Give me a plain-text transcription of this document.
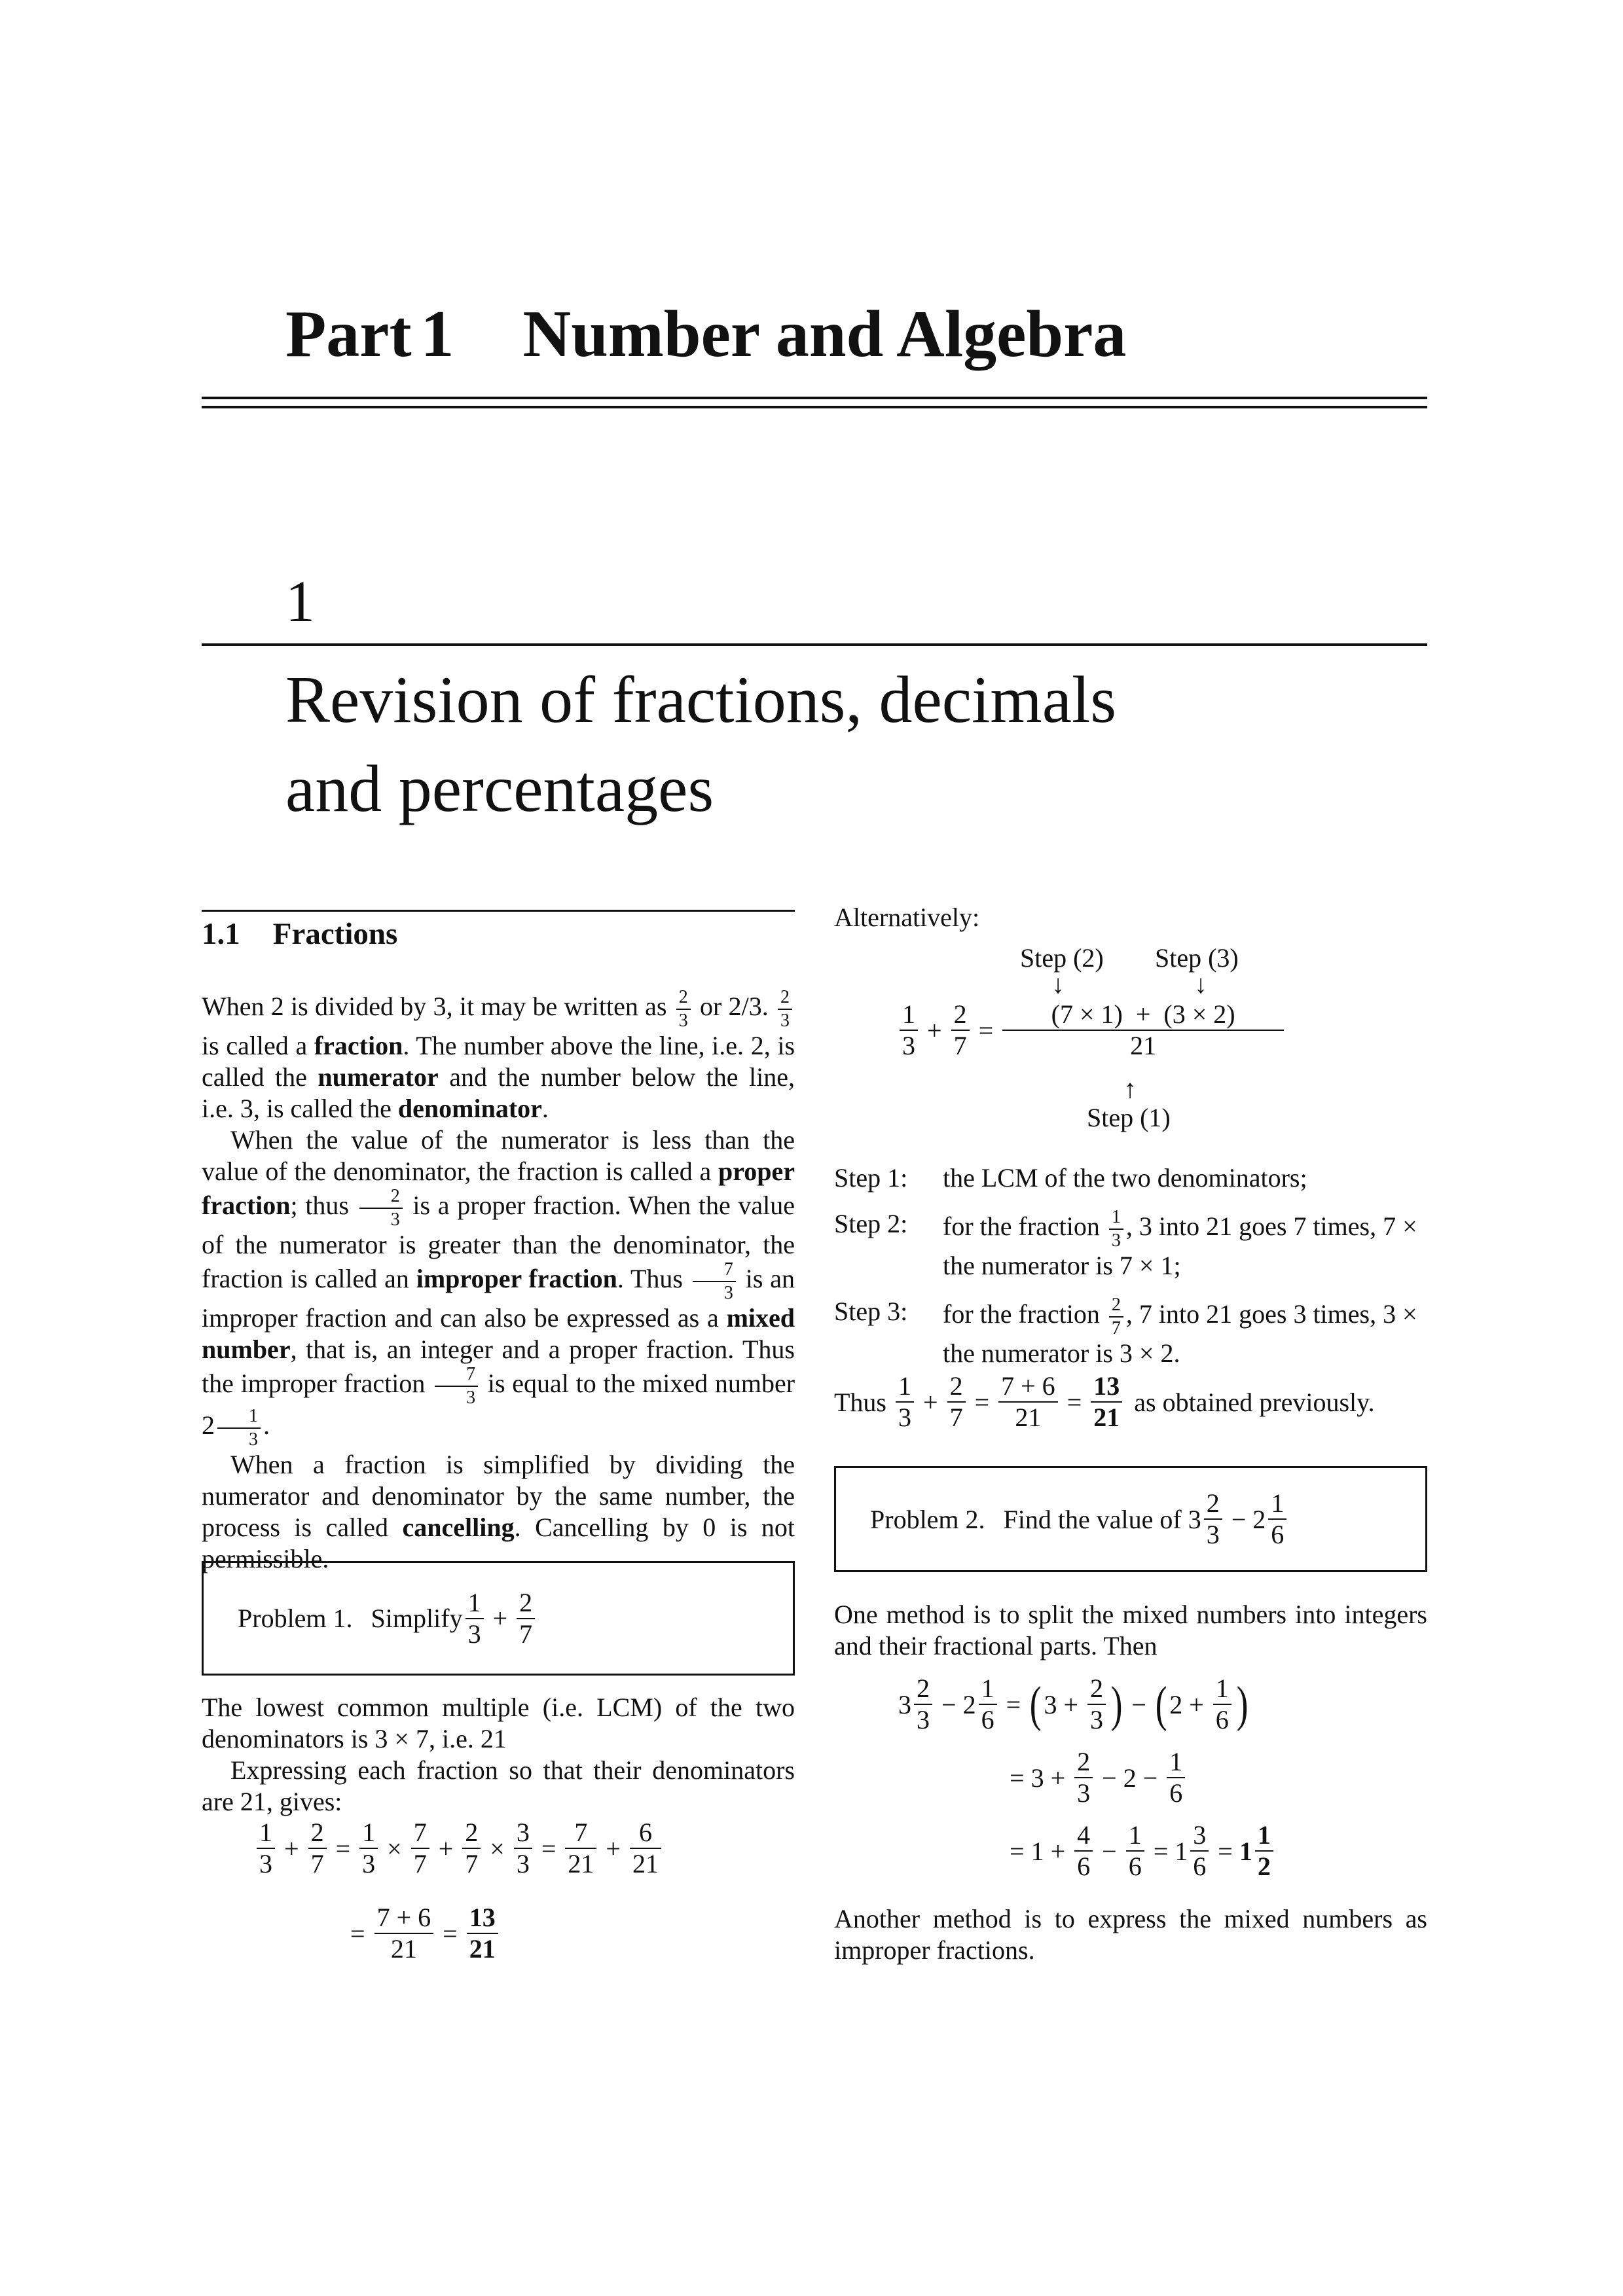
Part 1 Number and Algebra
1
Revision of fractions, decimals
and percentages
1.1 Fractions

When 2 is divided by 3, it may be written as $\frac{2}{3}$ or 2/3. $\frac{2}{3}$
is called a fraction. The number above the line, i.e. 2, is called the numerator and the number below the line, i.e. 3, is called the denominator.

When the value of the numerator is less than the value of the denominator, the fraction is called a proper fraction; thus $\frac{2}{3}$ is a proper fraction. When the value of the numerator is greater than the denominator, the fraction is called an improper fraction. Thus $\frac{7}{3}$ is an improper fraction and can also be expressed as a mixed number, that is, an integer and a proper fraction. Thus the improper fraction $\frac{7}{3}$ is equal to the mixed number $2 \frac{1}{3}$ .

When a fraction is simplified by dividing the numerator and denominator by the same number, the process is called cancelling. Cancelling by 0 is not permissible.

Problem 1. Simplify
1
3
+ $\frac{2}{7}$

The lowest common multiple (i.e. LCM) of the two denominators is 3 × 7, i.e. 21

Expressing each fraction so that their denominators are 21, gives:

1
3
+ $\frac{2}{7} = \frac{1}{3} \times \frac{7}{7} + \frac{2}{7} \times \frac{3}{3} = \frac{7}{21} + \frac{6}{21}$
= $\frac{7 + 6}{21} = \frac{13}{21}$
Alternatively:
Step (2) Step (3)
↓	↓
1
3
+ $\frac{2}{7} = \frac{(7 \times 1) + (3 \times 2)}{21}$
↑
Step (1)
Step 1:	the LCM of the two denominators;
Step 2:	for the fraction $\frac{1}{3}$ , 3 into 21 goes 7 times, 7 × the numerator is 7 × 1;
Step 3:	for the fraction $\frac{2}{7}$ , 7 into 21 goes 3 times, 3 × the numerator is 3 × 2.
Thus
1
3
+ $\frac{2}{7} = \frac{7 + 6}{21} = \frac{13}{21}$ as obtained previously.
Problem 2. Find the value of 3
2
3
− $2 \frac{1}{6}$
One method is to split the mixed numbers into integers and their fractional parts. Then
3
2
3
− $2 \frac{1}{6}$ = ( $3 + \frac{2}{3}$ ) − ( $2 + \frac{1}{6}$ )
= $3 + \frac{2}{3} - 2 - \frac{1}{6}$
= $1 + \frac{4}{6} - \frac{1}{6} = 1 \frac{3}{6} = 1$
1
2
Another method is to express the mixed numbers as improper fractions.
